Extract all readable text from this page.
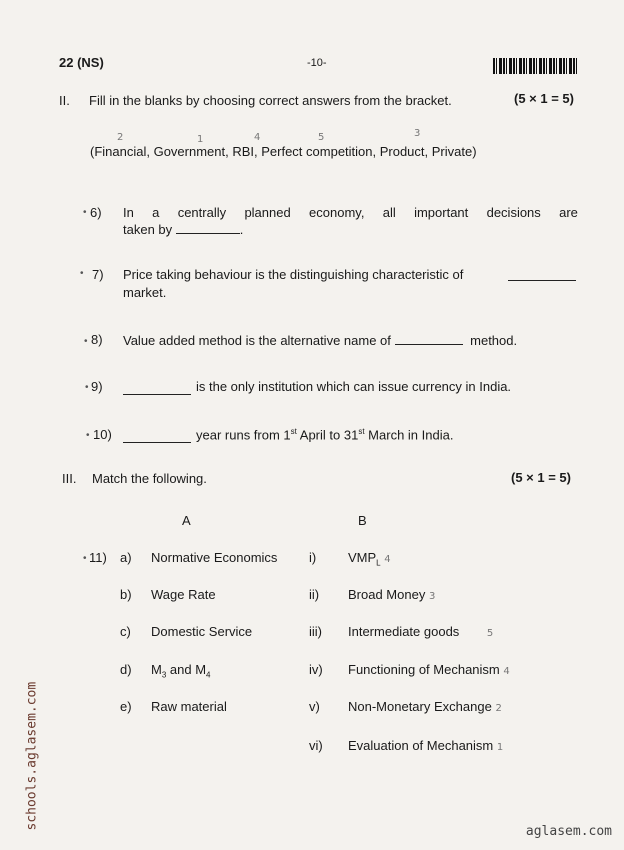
22 (NS)	-10-
II. Fill in the blanks by choosing correct answers from the bracket.	(5 × 1 = 5)
2	1	4	5	3
(Financial, Government, RBI, Perfect competition, Product, Private)
• 6) In a centrally planned economy, all important decisions are
taken by	.
• 7) Price taking behaviour is the distinguishing characteristic of
market.
• 8) Value added method is the alternative name of	method.
• 9)	is the only institution which can issue currency in India.
• 10)	year runs from 1st April to 31st March in India.
III. Match the following.	(5 × 1 = 5)
A	B
• 11) a) Normative Economics i) $VMP_L$ 4
b) Wage Rate	ii) Broad Money 3
c) Domestic Service	iii) Intermediate goods	5
d) $M_3$ and $M_4$	iv) Functioning of Mechanism 4
e) Raw material	v) Non-Monetary Exchange 2
vi) Evaluation of Mechanism 1
schools.aglasem.com
aglasem.com
